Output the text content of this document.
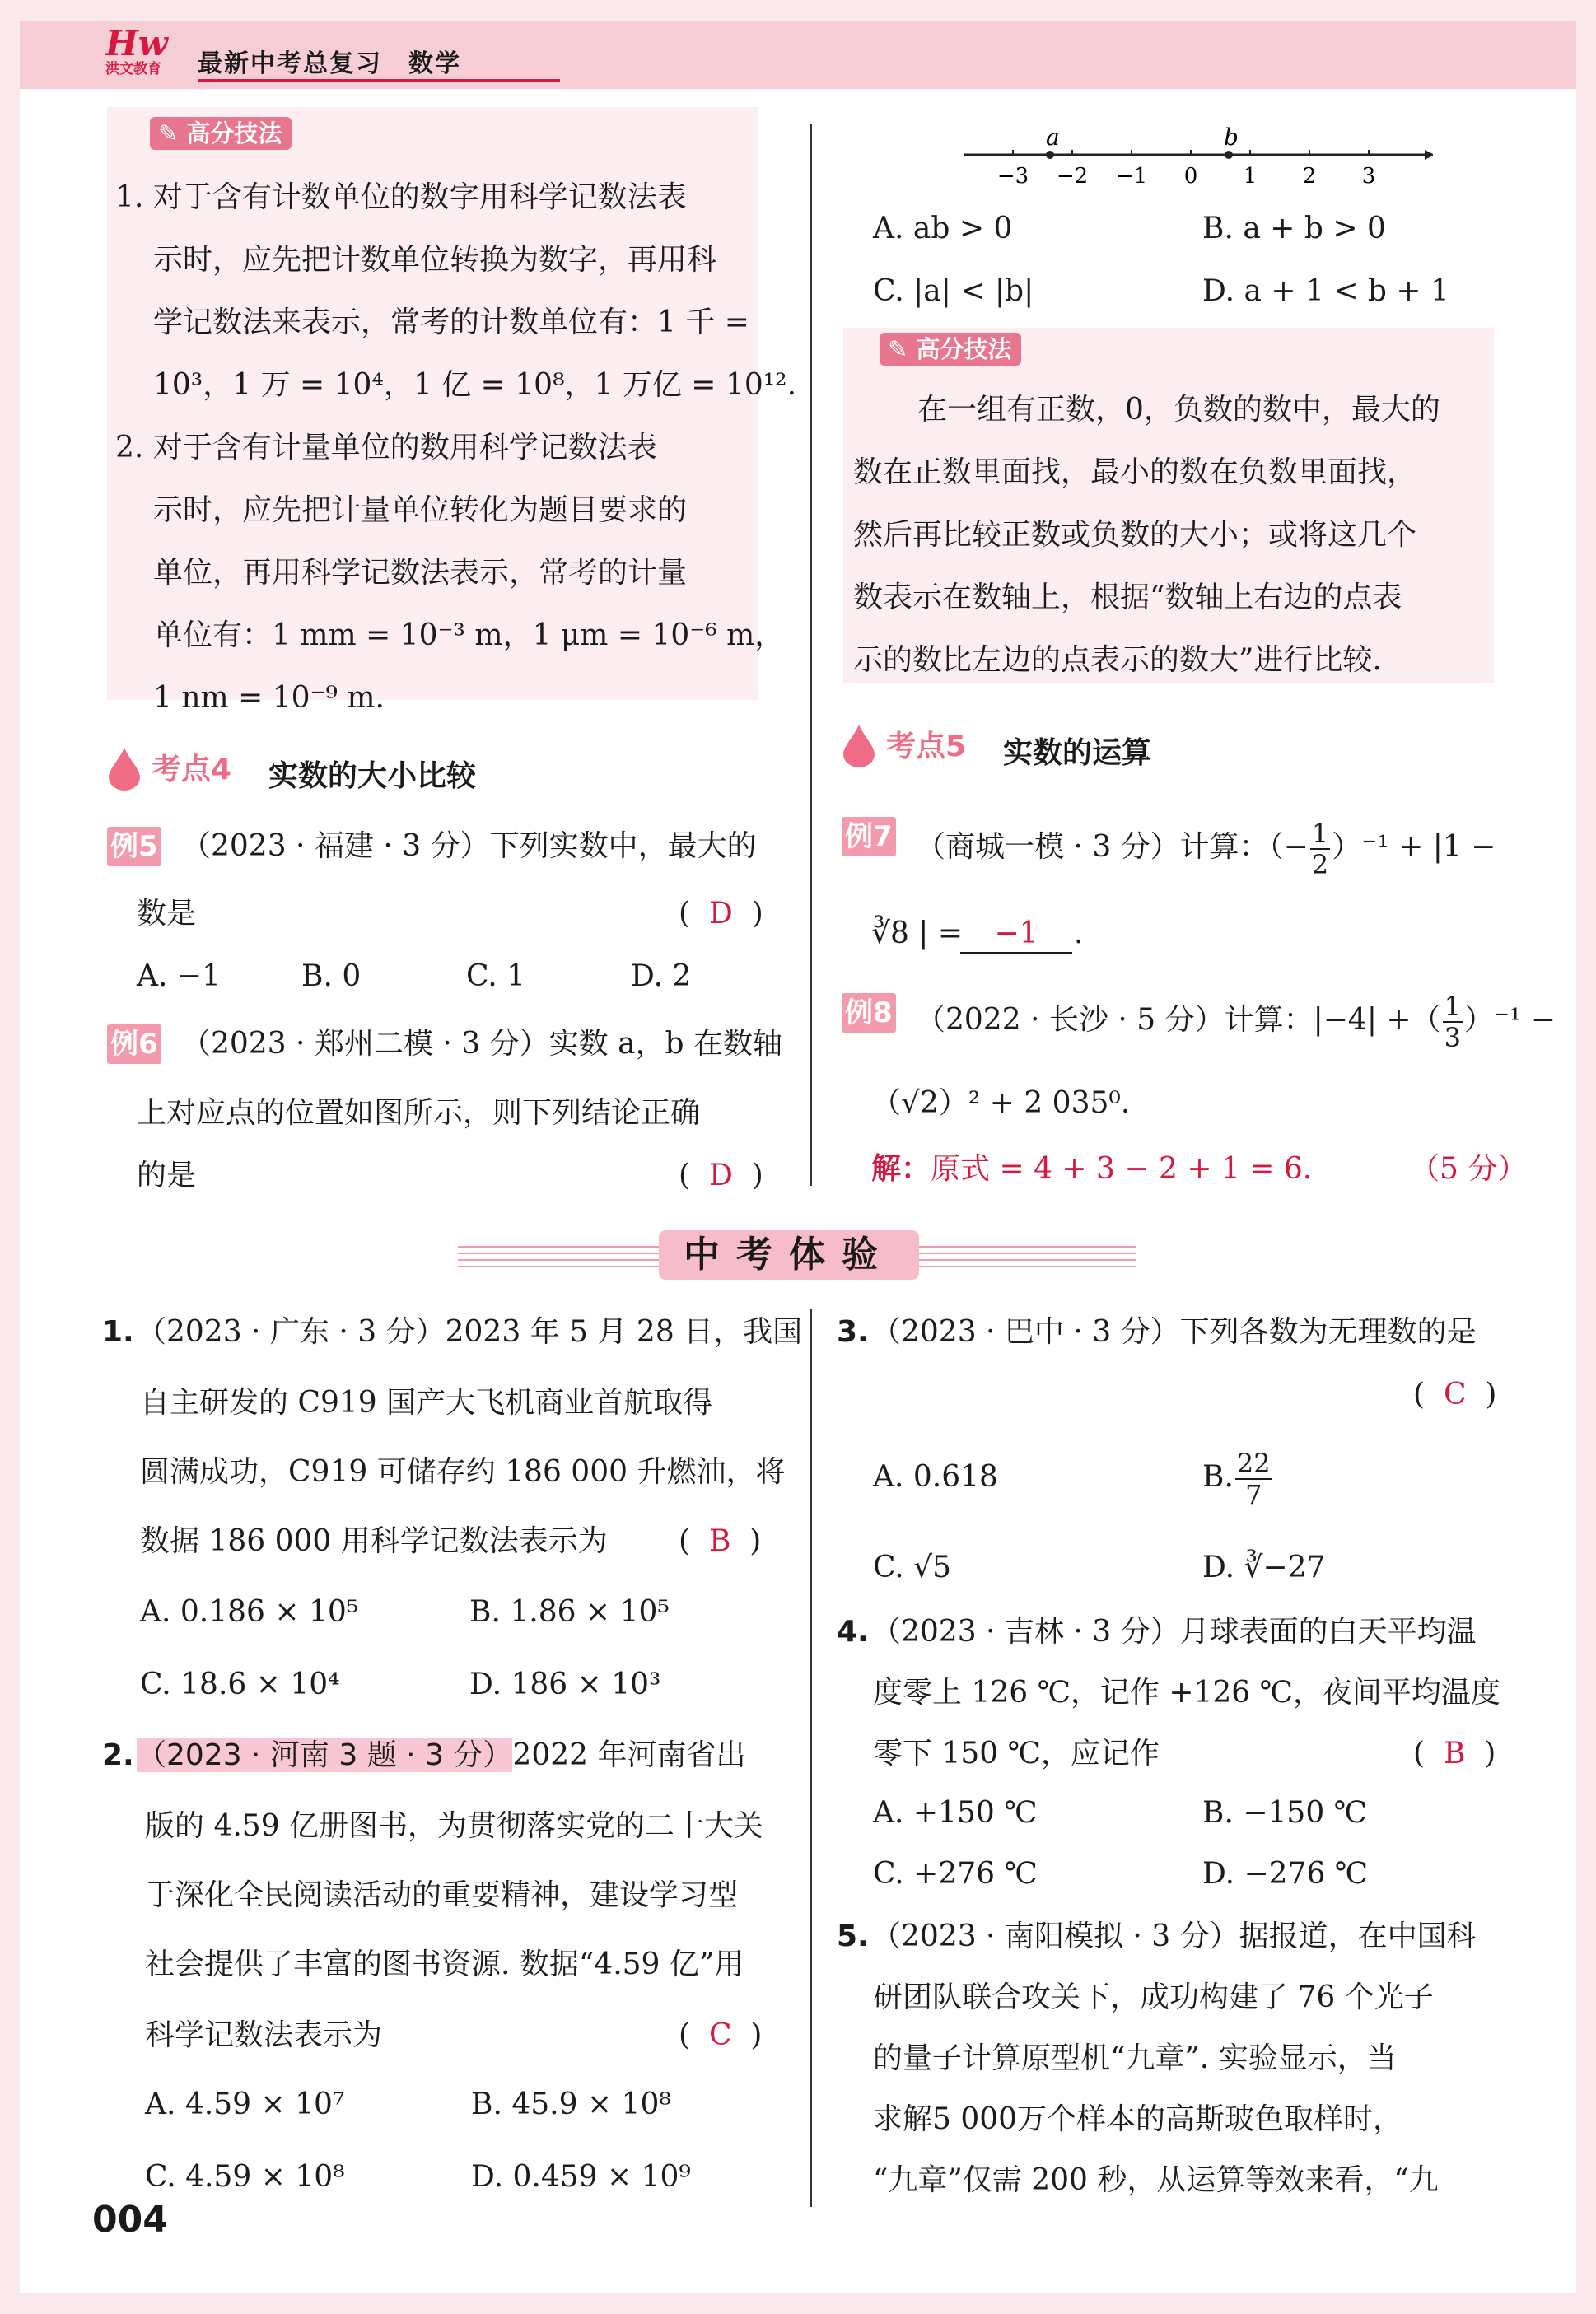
Hw
洪文教育	最新中考总复习　数学
✎ 高分技法
1. 对于含有计数单位的数字用科学记数法表
示时，应先把计数单位转换为数字，再用科
学记数法来表示，常考的计数单位有：1 千 =
10³，1 万 = 10⁴，1 亿 = 10⁸，1 万亿 = 10¹².
2. 对于含有计量单位的数用科学记数法表
示时，应先把计量单位转化为题目要求的
单位，再用科学记数法表示，常考的计量
单位有：1 mm = 10⁻³ m，1 μm = 10⁻⁶ m，
1 nm = 10⁻⁹ m.
考点4 实数的大小比较
例5 （2023 · 福建 · 3 分）下列实数中，最大的
数是	(  D  )
A. −1	B. 0	C. 1	D. 2
例6 （2023 · 郑州二模 · 3 分）实数 a，b 在数轴
上对应点的位置如图所示，则下列结论正确
的是	(  D  )
−3 −2 −1 0 1 2 3
a	b
A. ab > 0	B. a + b > 0
C. |a| < |b|	D. a + 1 < b + 1
✎ 高分技法
在一组有正数，0，负数的数中，最大的
数在正数里面找，最小的数在负数里面找，
然后再比较正数或负数的大小；或将这几个
数表示在数轴上，根据“数轴上右边的点表
示的数比左边的点表示的数大”进行比较.
考点5 实数的运算
例7 （商城一模 · 3 分）计算：（− $\frac{1}{2} )^{-1} + |1$ −
∛8 | =	−1	.
例8 （2022 · 长沙 · 5 分）计算：|−4| +（ $\frac{1}{3} )^{-1}$ −
（√2）² + 2 035⁰.
解：原式 = 4 + 3 − 2 + 1 = 6.	（5 分）
中考体验
1. （2023 · 广东 · 3 分）2023 年 5 月 28 日，我国
自主研发的 C919 国产大飞机商业首航取得
圆满成功，C919 可储存约 186 000 升燃油，将
数据 186 000 用科学记数法表示为 (  B  )
A. 0.186 × 10⁵	B. 1.86 × 10⁵
C. 18.6 × 10⁴	D. 186 × 10³
2. （2023 · 河南 3 题 · 3 分）2022 年河南省出
版的 4.59 亿册图书，为贯彻落实党的二十大关
于深化全民阅读活动的重要精神，建设学习型
社会提供了丰富的图书资源. 数据“4.59 亿”用
科学记数法表示为	(  C  )
A. 4.59 × 10⁷	B. 45.9 × 10⁸
C. 4.59 × 10⁸	D. 0.459 × 10⁹
3. （2023 · 巴中 · 3 分）下列各数为无理数的是
(  C  )
A. 0.618	B. $\frac{22}{7}$
C. √5	D. ∛−27
4. （2023 · 吉林 · 3 分）月球表面的白天平均温
度零上 126 ℃，记作 +126 ℃，夜间平均温度
零下 150 ℃，应记作	(  B  )
A. +150 ℃	B. −150 ℃
C. +276 ℃	D. −276 ℃
5. （2023 · 南阳模拟 · 3 分）据报道，在中国科
研团队联合攻关下，成功构建了 76 个光子
的量子计算原型机“九章”. 实验显示，当
求解5 000万个样本的高斯玻色取样时，
“九章”仅需 200 秒，从运算等效来看，“九
004
